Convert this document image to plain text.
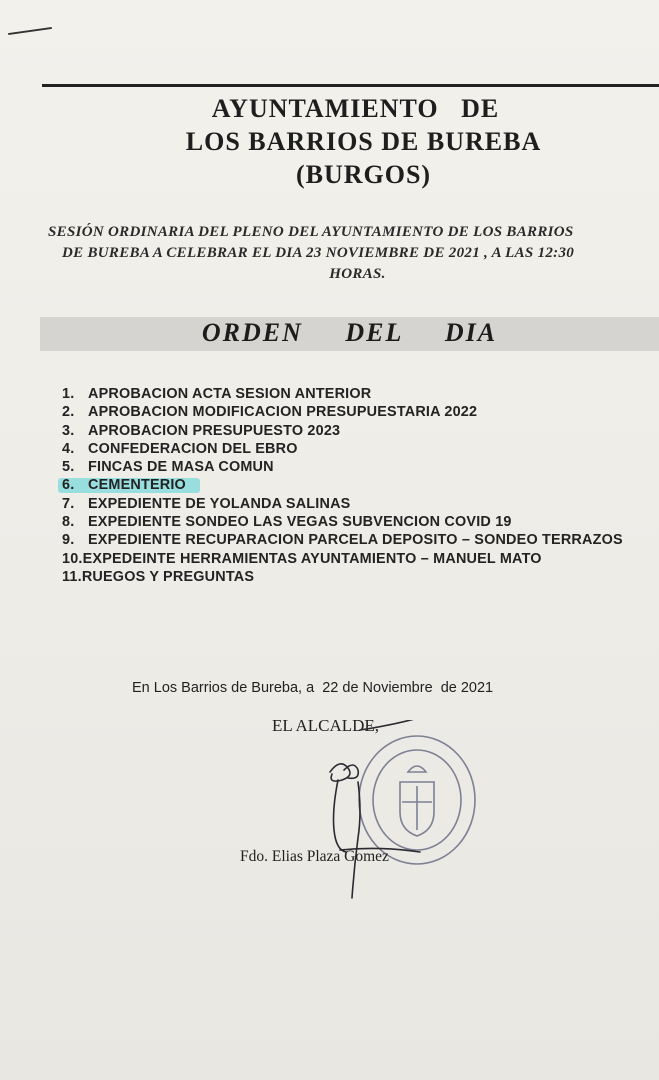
AYUNTAMIENTO   DE
LOS BARRIOS DE BUREBA
(BURGOS)
SESIÓN ORDINARIA DEL PLENO DEL AYUNTAMIENTO DE LOS BARRIOS
DE BUREBA A CELEBRAR EL DIA 23 NOVIEMBRE DE 2021 , A LAS 12:30
HORAS.
ORDEN     DEL     DIA
1. APROBACION ACTA SESION ANTERIOR
2. APROBACION MODIFICACION PRESUPUESTARIA 2022
3. APROBACION PRESUPUESTO 2023
4. CONFEDERACION DEL EBRO
5. FINCAS DE MASA COMUN
6. CEMENTERIO
7. EXPEDIENTE DE YOLANDA SALINAS
8. EXPEDIENTE SONDEO LAS VEGAS SUBVENCION COVID 19
9. EXPEDIENTE RECUPARACION PARCELA DEPOSITO – SONDEO TERRAZOS
10.EXPEDEINTE HERRAMIENTAS AYUNTAMIENTO – MANUEL MATO
11.RUEGOS Y PREGUNTAS
En Los Barrios de Bureba, a  22 de Noviembre  de 2021
EL ALCALDE,
Fdo. Elias Plaza Gomez
